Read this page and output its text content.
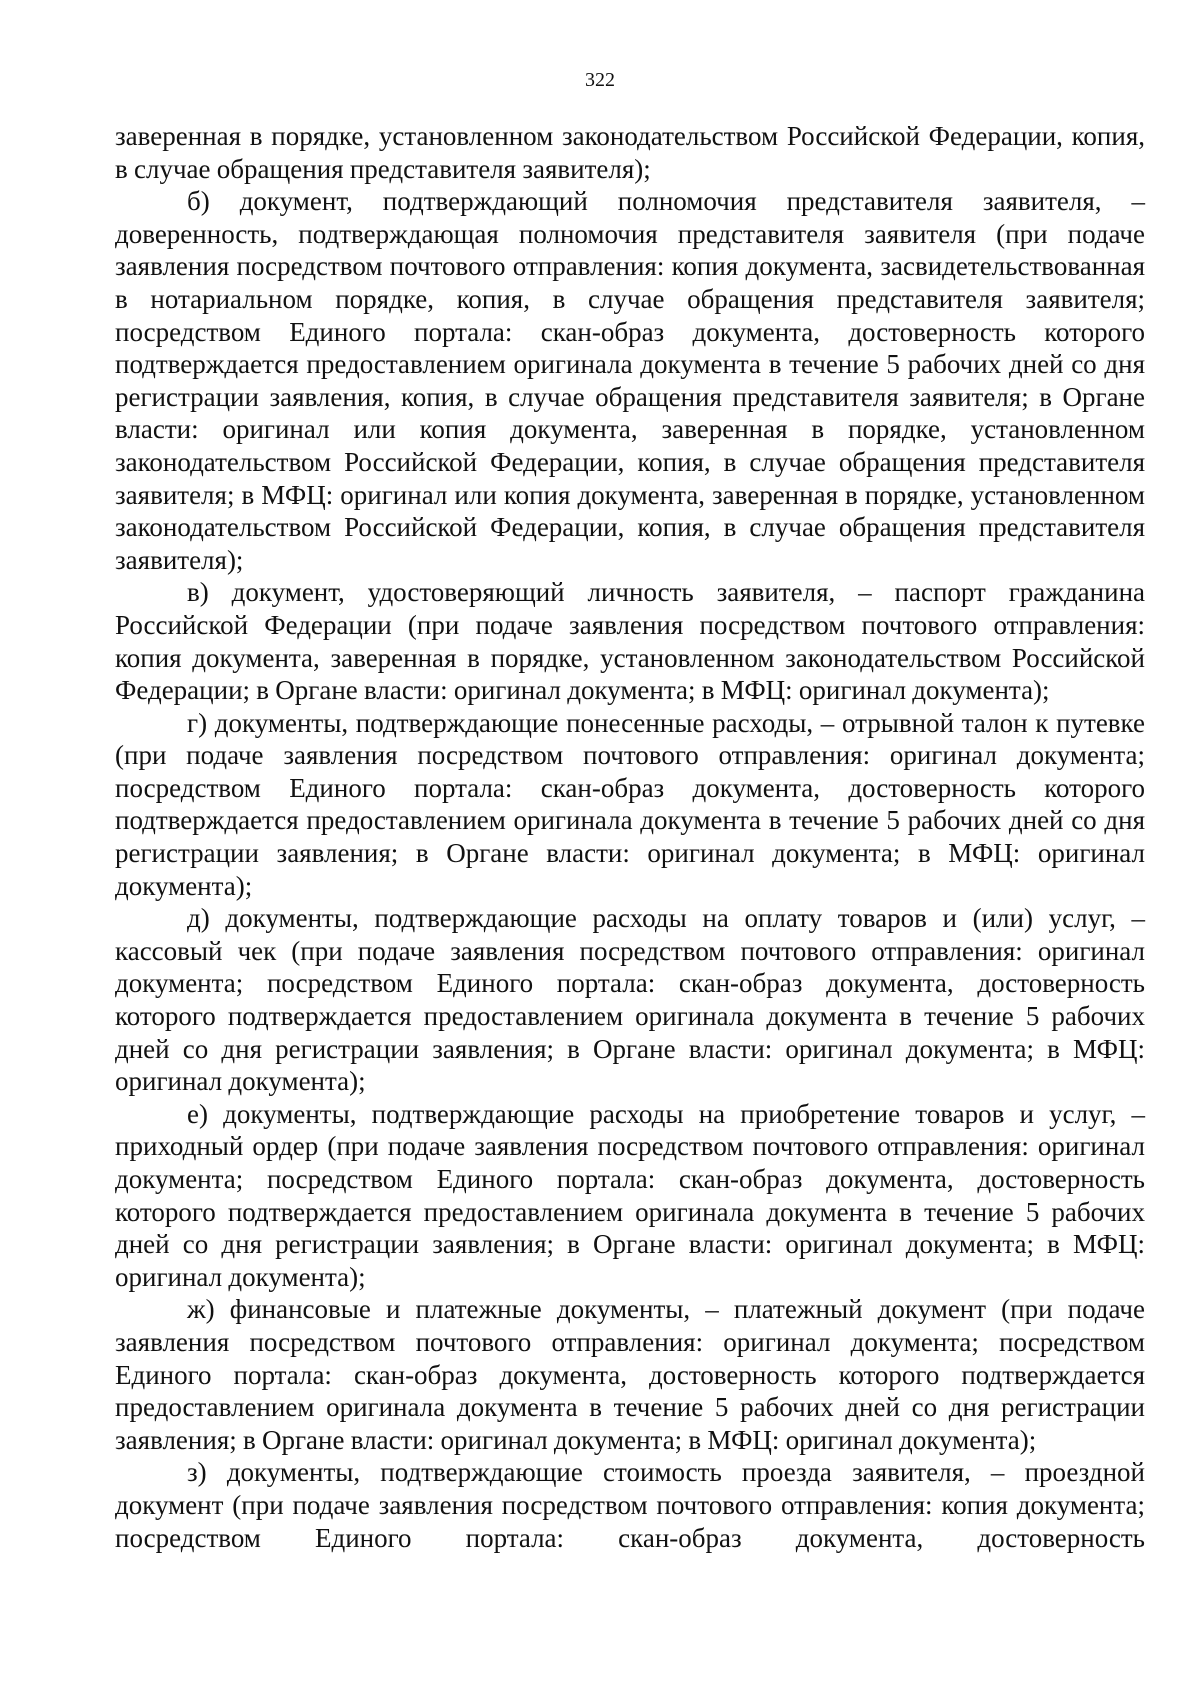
322

заверенная в порядке, установленном законодательством Российской Федерации, копия, в случае обращения представителя заявителя);

б) документ, подтверждающий полномочия представителя заявителя, – доверенность, подтверждающая полномочия представителя заявителя (при подаче заявления посредством почтового отправления: копия документа, засвидетельствованная в нотариальном порядке, копия, в случае обращения представителя заявителя; посредством Единого портала: скан-образ документа, достоверность которого подтверждается предоставлением оригинала документа в течение 5 рабочих дней со дня регистрации заявления, копия, в случае обращения представителя заявителя; в Органе власти: оригинал или копия документа, заверенная в порядке, установленном законодательством Российской Федерации, копия, в случае обращения представителя заявителя; в МФЦ: оригинал или копия документа, заверенная в порядке, установленном законодательством Российской Федерации, копия, в случае обращения представителя заявителя);

в) документ, удостоверяющий личность заявителя, – паспорт гражданина Российской Федерации (при подаче заявления посредством почтового отправления: копия документа, заверенная в порядке, установленном законодательством Российской Федерации; в Органе власти: оригинал документа; в МФЦ: оригинал документа);

г) документы, подтверждающие понесенные расходы, – отрывной талон к путевке (при подаче заявления посредством почтового отправления: оригинал документа; посредством Единого портала: скан-образ документа, достоверность которого подтверждается предоставлением оригинала документа в течение 5 рабочих дней со дня регистрации заявления; в Органе власти: оригинал документа; в МФЦ: оригинал документа);

д) документы, подтверждающие расходы на оплату товаров и (или) услуг, – кассовый чек (при подаче заявления посредством почтового отправления: оригинал документа; посредством Единого портала: скан-образ документа, достоверность которого подтверждается предоставлением оригинала документа в течение 5 рабочих дней со дня регистрации заявления; в Органе власти: оригинал документа; в МФЦ: оригинал документа);

е) документы, подтверждающие расходы на приобретение товаров и услуг, – приходный ордер (при подаче заявления посредством почтового отправления: оригинал документа; посредством Единого портала: скан-образ документа, достоверность которого подтверждается предоставлением оригинала документа в течение 5 рабочих дней со дня регистрации заявления; в Органе власти: оригинал документа; в МФЦ: оригинал документа);

ж) финансовые и платежные документы, – платежный документ (при подаче заявления посредством почтового отправления: оригинал документа; посредством Единого портала: скан-образ документа, достоверность которого подтверждается предоставлением оригинала документа в течение 5 рабочих дней со дня регистрации заявления; в Органе власти: оригинал документа; в МФЦ: оригинал документа);

з) документы, подтверждающие стоимость проезда заявителя, – проездной документ (при подаче заявления посредством почтового отправления: копия документа; посредством Единого портала: скан-образ документа, достоверность
